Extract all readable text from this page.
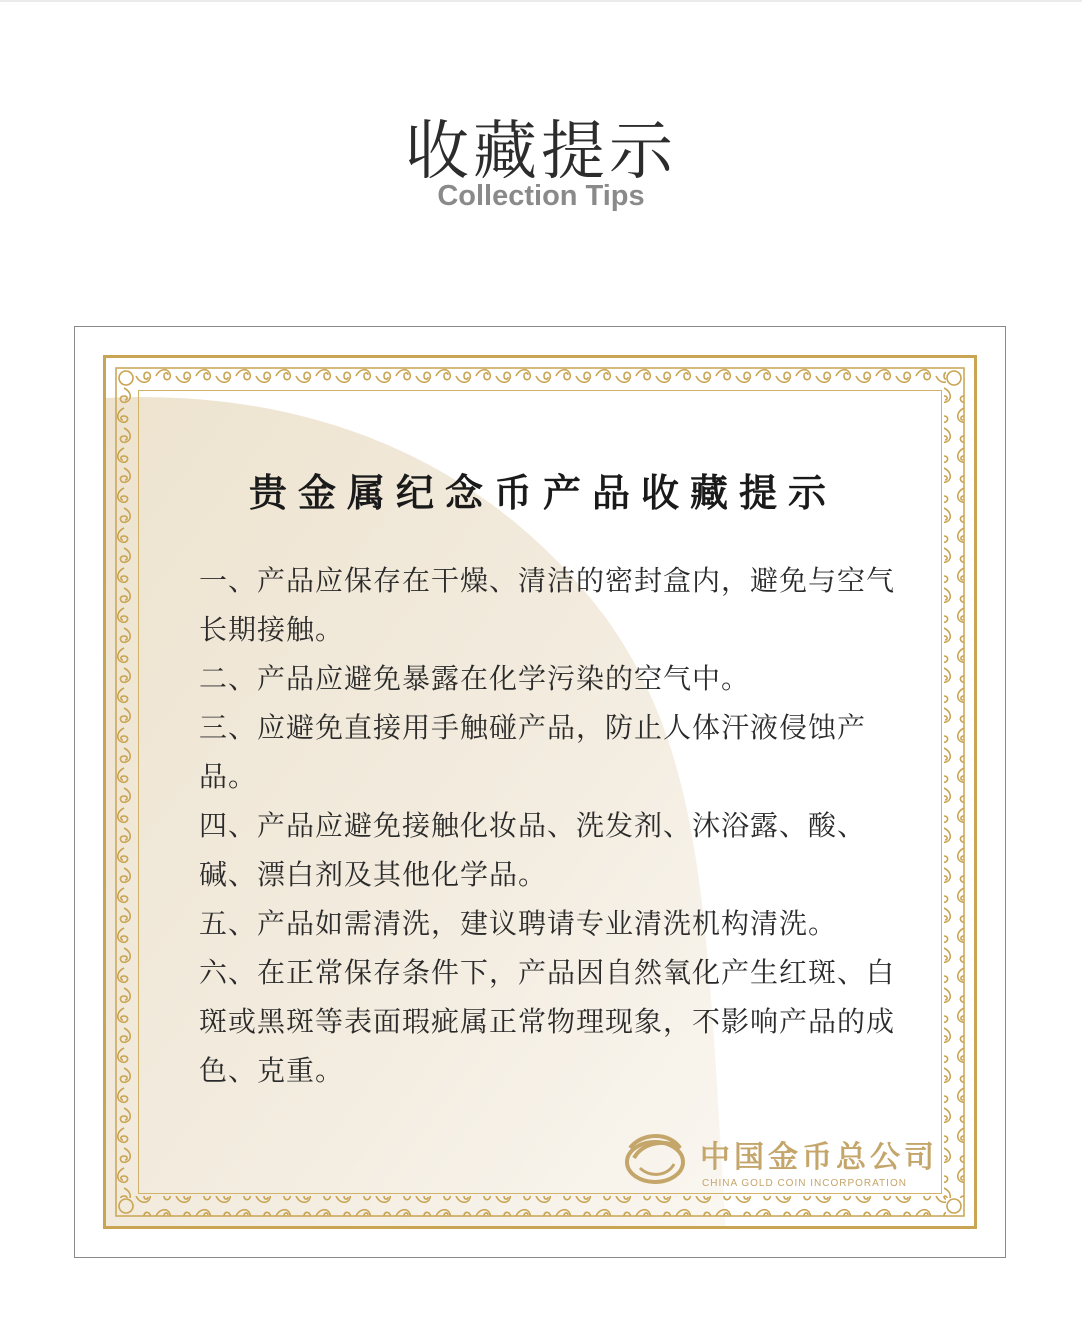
收藏提示
Collection Tips
贵金属纪念币产品收藏提示
一、产品应保存在干燥、清洁的密封盒内，避免与空气长期接触。
二、产品应避免暴露在化学污染的空气中。
三、应避免直接用手触碰产品，防止人体汗液侵蚀产品。
四、产品应避免接触化妆品、洗发剂、沐浴露、酸、碱、漂白剂及其他化学品。
五、产品如需清洗，建议聘请专业清洗机构清洗。
六、在正常保存条件下，产品因自然氧化产生红斑、白斑或黑斑等表面瑕疵属正常物理现象，不影响产品的成色、克重。
中国金币总公司
CHINA GOLD COIN INCORPORATION
